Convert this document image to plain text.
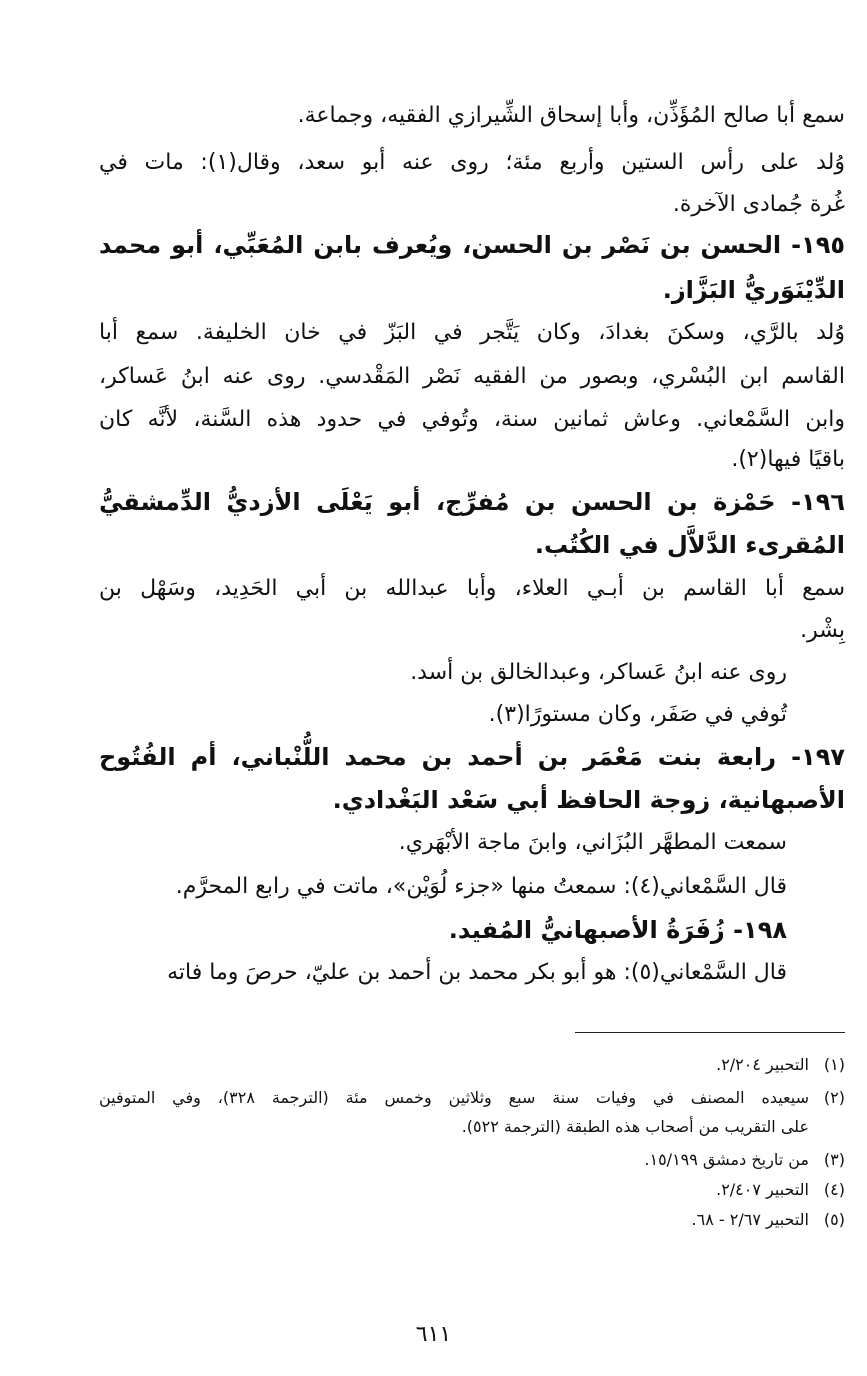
سمع أبا صالح المُؤَذِّن، وأبا إسحاق الشِّيرازي الفقيه، وجماعة.
وُلد على رأس الستين وأربع مئة؛ روى عنه أبو سعد، وقال(١): مات في
غُرة جُمادى الآخرة.
١٩٥- الحسن بن نَصْر بن الحسن، ويُعرف بابن المُعَبِّي، أبو محمد
الدِّيْنَوَريُّ البَزَّاز.
وُلد بالرَّي، وسكنَ بغدادَ، وكان يَتَّجر في البَزّ في خان الخليفة. سمع أبا
القاسم ابن البُسْري، وبصور من الفقيه نَصْر المَقْدسي. روى عنه ابنُ عَساكر،
وابن السَّمْعاني. وعاش ثمانين سنة، وتُوفي في حدود هذه السَّنة، لأنَّه كان
باقيًا فيها(٢).
١٩٦- حَمْزة بن الحسن بن مُفرِّج، أبو يَعْلَى الأزديُّ الدِّمشقيُّ
المُقرىء الدَّلاَّل في الكُتُب.
سمع أبا القاسم بن أبـي العلاء، وأبا عبدالله بن أبي الحَدِيد، وسَهْل بن
بِشْر.
روى عنه ابنُ عَساكر، وعبدالخالق بن أسد.
تُوفي في صَفَر، وكان مستورًا(٣).
١٩٧- رابعة بنت مَعْمَر بن أحمد بن محمد اللُّنْباني، أم الفُتُوح
الأصبهانية، زوجة الحافظ أبي سَعْد البَغْدادي.
سمعت المطهَّر البُزَاني، وابنَ ماجة الأبْهَري.
قال السَّمْعاني(٤): سمعتُ منها «جزء لُوَيْن»، ماتت في رابع المحرَّم.
١٩٨- زُفَرَةُ الأصبهانيُّ المُفيد.
قال السَّمْعاني(٥): هو أبو بكر محمد بن أحمد بن عليّ، حرصَ وما فاته
(١)
التحبير ٢/٢٠٤.
(٢)
سيعيده المصنف في وفيات سنة سبع وثلاثين وخمس مئة (الترجمة ٣٢٨)، وفي المتوفين
على التقريب من أصحاب هذه الطبقة (الترجمة ٥٢٢).
(٣)
من تاريخ دمشق ١٥/١٩٩.
(٤)
التحبير ٢/٤٠٧.
(٥)
التحبير ٢/٦٧ - ٦٨.
٦١١
